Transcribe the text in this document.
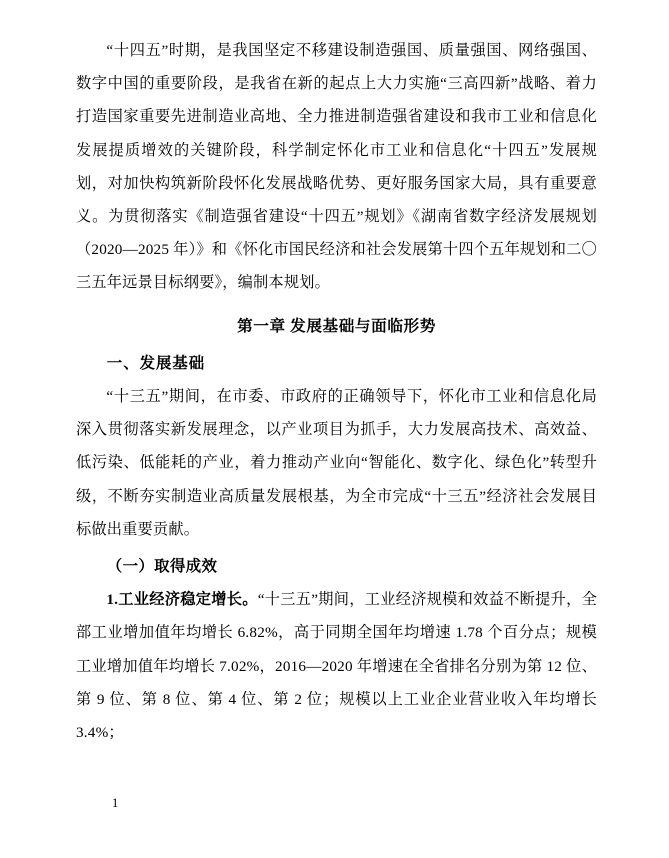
“十四五”时期，是我国坚定不移建设制造强国、质量强国、网络强国、数字中国的重要阶段，是我省在新的起点上大力实施“三高四新”战略、着力打造国家重要先进制造业高地、全力推进制造强省建设和我市工业和信息化发展提质增效的关键阶段，科学制定怀化市工业和信息化“十四五”发展规划，对加快构筑新阶段怀化发展战略优势、更好服务国家大局，具有重要意义。为贯彻落实《制造强省建设“十四五”规划》《湖南省数字经济发展规划（2020—2025 年）》和《怀化市国民经济和社会发展第十四个五年规划和二〇三五年远景目标纲要》，编制本规划。

第一章 发展基础与面临形势

一、发展基础

“十三五”期间，在市委、市政府的正确领导下，怀化市工业和信息化局深入贯彻落实新发展理念，以产业项目为抓手，大力发展高技术、高效益、低污染、低能耗的产业，着力推动产业向“智能化、数字化、绿色化”转型升级，不断夯实制造业高质量发展根基，为全市完成“十三五”经济社会发展目标做出重要贡献。

（一）取得成效

1.工业经济稳定增长。“十三五”期间，工业经济规模和效益不断提升，全部工业增加值年均增长 6.82%，高于同期全国年均增速 1.78 个百分点；规模工业增加值年均增长 7.02%，2016—2020 年增速在全省排名分别为第 12 位、第 9 位、第 8 位、第 4 位、第 2 位；规模以上工业企业营业收入年均增长 3.4%；

1
